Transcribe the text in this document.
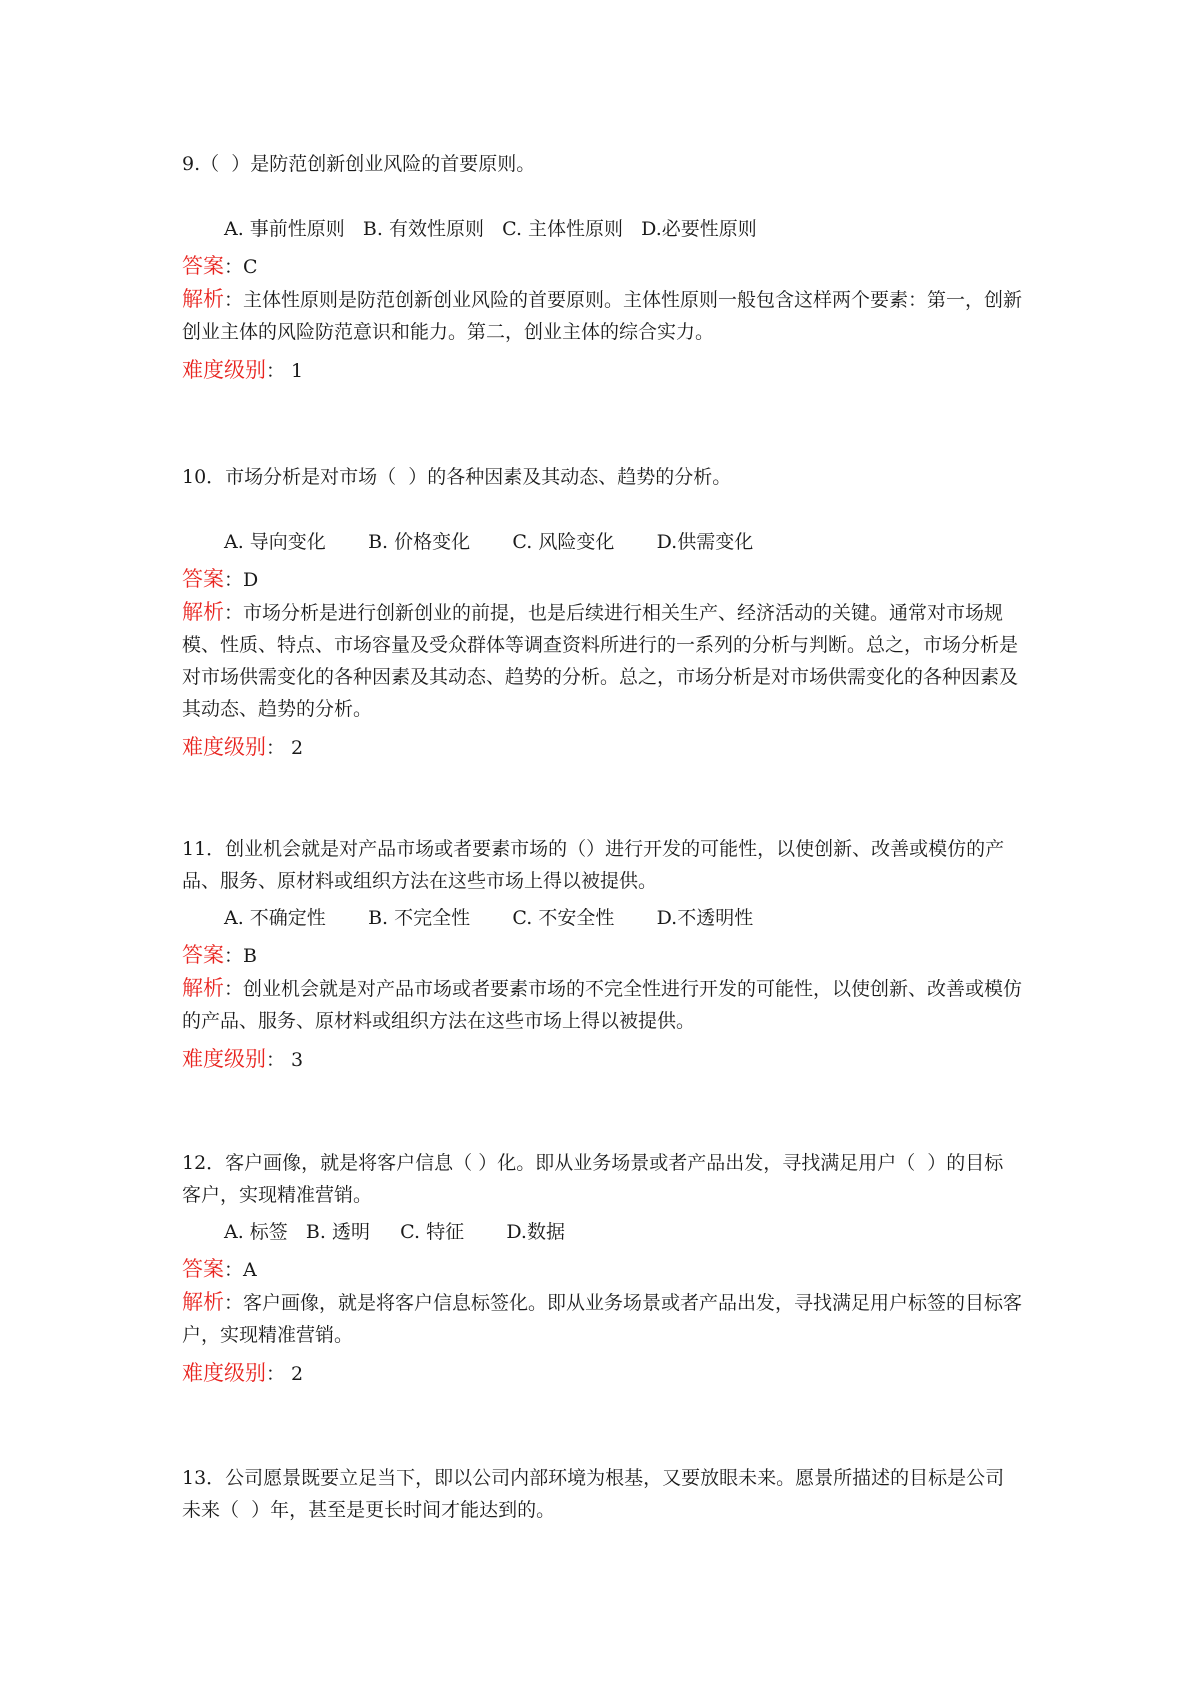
9.（  ）是防范创新创业风险的首要原则。

A. 事前性原则   B. 有效性原则   C. 主体性原则   D.必要性原则

答案：C

解析：主体性原则是防范创新创业风险的首要原则。主体性原则一般包含这样两个要素：第一，创新创业主体的风险防范意识和能力。第二，创业主体的综合实力。

难度级别： 1

10．市场分析是对市场（  ）的各种因素及其动态、趋势的分析。

A. 导向变化       B. 价格变化       C. 风险变化       D.供需变化

答案：D

解析：市场分析是进行创新创业的前提，也是后续进行相关生产、经济活动的关键。通常对市场规模、性质、特点、市场容量及受众群体等调查资料所进行的一系列的分析与判断。总之，市场分析是对市场供需变化的各种因素及其动态、趋势的分析。总之，市场分析是对市场供需变化的各种因素及其动态、趋势的分析。

难度级别： 2

11．创业机会就是对产品市场或者要素市场的（）进行开发的可能性，以使创新、改善或模仿的产品、服务、原材料或组织方法在这些市场上得以被提供。

A. 不确定性       B. 不完全性       C. 不安全性       D.不透明性

答案：B

解析：创业机会就是对产品市场或者要素市场的不完全性进行开发的可能性，以使创新、改善或模仿的产品、服务、原材料或组织方法在这些市场上得以被提供。

难度级别： 3

12．客户画像，就是将客户信息（ ）化。即从业务场景或者产品出发，寻找满足用户（  ）的目标客户，实现精准营销。

A. 标签   B. 透明     C. 特征       D.数据

答案：A

解析：客户画像，就是将客户信息标签化。即从业务场景或者产品出发，寻找满足用户标签的目标客户，实现精准营销。

难度级别： 2

13．公司愿景既要立足当下，即以公司内部环境为根基，又要放眼未来。愿景所描述的目标是公司未来（  ）年，甚至是更长时间才能达到的。
